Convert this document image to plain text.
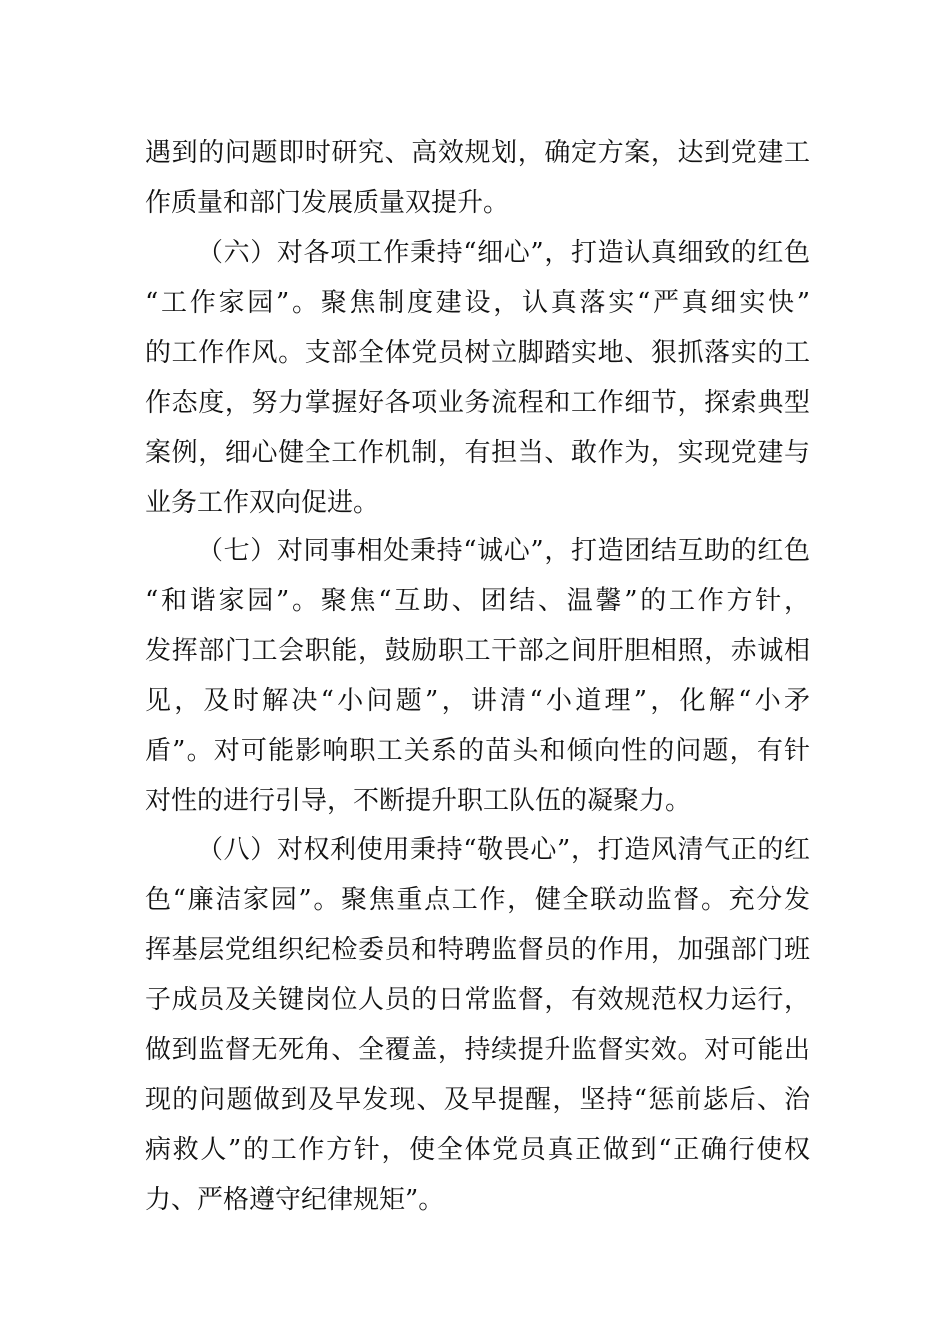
遇到的问题即时研究、高效规划，确定方案，达到党建工
作质量和部门发展质量双提升。
（六）对各项工作秉持“细心”，打造认真细致的红色
“工作家园”。聚焦制度建设，认真落实“严真细实快”
的工作作风。支部全体党员树立脚踏实地、狠抓落实的工
作态度，努力掌握好各项业务流程和工作细节，探索典型
案例，细心健全工作机制，有担当、敢作为，实现党建与
业务工作双向促进。
（七）对同事相处秉持“诚心”，打造团结互助的红色
“和谐家园”。聚焦“互助、团结、温馨”的工作方针，
发挥部门工会职能，鼓励职工干部之间肝胆相照，赤诚相
见，及时解决“小问题”，讲清“小道理”，化解“小矛
盾”。对可能影响职工关系的苗头和倾向性的问题，有针
对性的进行引导，不断提升职工队伍的凝聚力。
（八）对权利使用秉持“敬畏心”，打造风清气正的红
色“廉洁家园”。聚焦重点工作，健全联动监督。充分发
挥基层党组织纪检委员和特聘监督员的作用，加强部门班
子成员及关键岗位人员的日常监督，有效规范权力运行，
做到监督无死角、全覆盖，持续提升监督实效。对可能出
现的问题做到及早发现、及早提醒，坚持“惩前毖后、治
病救人”的工作方针，使全体党员真正做到“正确行使权
力、严格遵守纪律规矩”。
